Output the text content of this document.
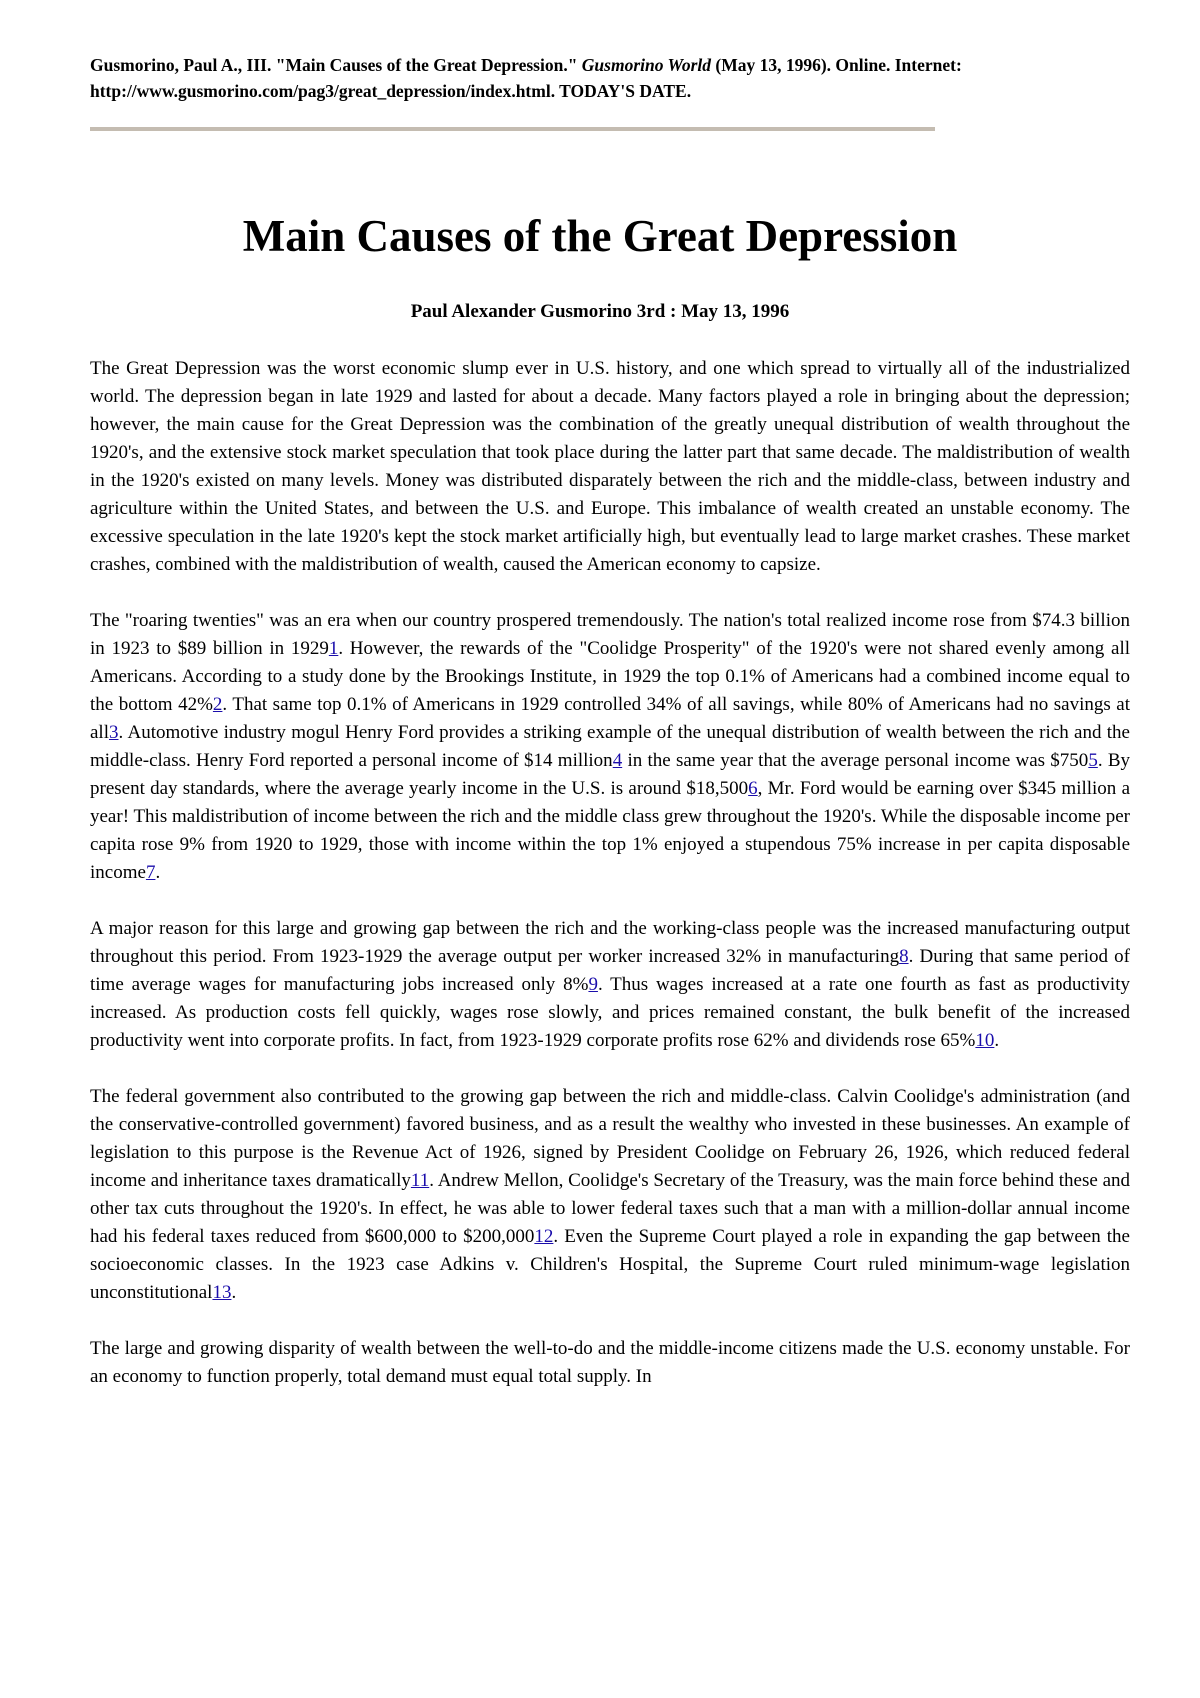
Gusmorino, Paul A., III. "Main Causes of the Great Depression." Gusmorino World (May 13, 1996). Online. Internet: http://www.gusmorino.com/pag3/great_depression/index.html. TODAY'S DATE.
Main Causes of the Great Depression
Paul Alexander Gusmorino 3rd : May 13, 1996

The Great Depression was the worst economic slump ever in U.S. history, and one which spread to virtually all of the industrialized world. The depression began in late 1929 and lasted for about a decade. Many factors played a role in bringing about the depression; however, the main cause for the Great Depression was the combination of the greatly unequal distribution of wealth throughout the 1920's, and the extensive stock market speculation that took place during the latter part that same decade. The maldistribution of wealth in the 1920's existed on many levels. Money was distributed disparately between the rich and the middle-class, between industry and agriculture within the United States, and between the U.S. and Europe. This imbalance of wealth created an unstable economy. The excessive speculation in the late 1920's kept the stock market artificially high, but eventually lead to large market crashes. These market crashes, combined with the maldistribution of wealth, caused the American economy to capsize.

The "roaring twenties" was an era when our country prospered tremendously. The nation's total realized income rose from $74.3 billion in 1923 to $89 billion in 19291. However, the rewards of the "Coolidge Prosperity" of the 1920's were not shared evenly among all Americans. According to a study done by the Brookings Institute, in 1929 the top 0.1% of Americans had a combined income equal to the bottom 42%2. That same top 0.1% of Americans in 1929 controlled 34% of all savings, while 80% of Americans had no savings at all3. Automotive industry mogul Henry Ford provides a striking example of the unequal distribution of wealth between the rich and the middle-class. Henry Ford reported a personal income of $14 million4 in the same year that the average personal income was $7505. By present day standards, where the average yearly income in the U.S. is around $18,5006, Mr. Ford would be earning over $345 million a year! This maldistribution of income between the rich and the middle class grew throughout the 1920's. While the disposable income per capita rose 9% from 1920 to 1929, those with income within the top 1% enjoyed a stupendous 75% increase in per capita disposable income7.

A major reason for this large and growing gap between the rich and the working-class people was the increased manufacturing output throughout this period. From 1923-1929 the average output per worker increased 32% in manufacturing8. During that same period of time average wages for manufacturing jobs increased only 8%9. Thus wages increased at a rate one fourth as fast as productivity increased. As production costs fell quickly, wages rose slowly, and prices remained constant, the bulk benefit of the increased productivity went into corporate profits. In fact, from 1923-1929 corporate profits rose 62% and dividends rose 65%10.

The federal government also contributed to the growing gap between the rich and middle-class. Calvin Coolidge's administration (and the conservative-controlled government) favored business, and as a result the wealthy who invested in these businesses. An example of legislation to this purpose is the Revenue Act of 1926, signed by President Coolidge on February 26, 1926, which reduced federal income and inheritance taxes dramatically11. Andrew Mellon, Coolidge's Secretary of the Treasury, was the main force behind these and other tax cuts throughout the 1920's. In effect, he was able to lower federal taxes such that a man with a million-dollar annual income had his federal taxes reduced from $600,000 to $200,00012. Even the Supreme Court played a role in expanding the gap between the socioeconomic classes. In the 1923 case Adkins v. Children's Hospital, the Supreme Court ruled minimum-wage legislation unconstitutional13.

The large and growing disparity of wealth between the well-to-do and the middle-income citizens made the U.S. economy unstable. For an economy to function properly, total demand must equal total supply. In
